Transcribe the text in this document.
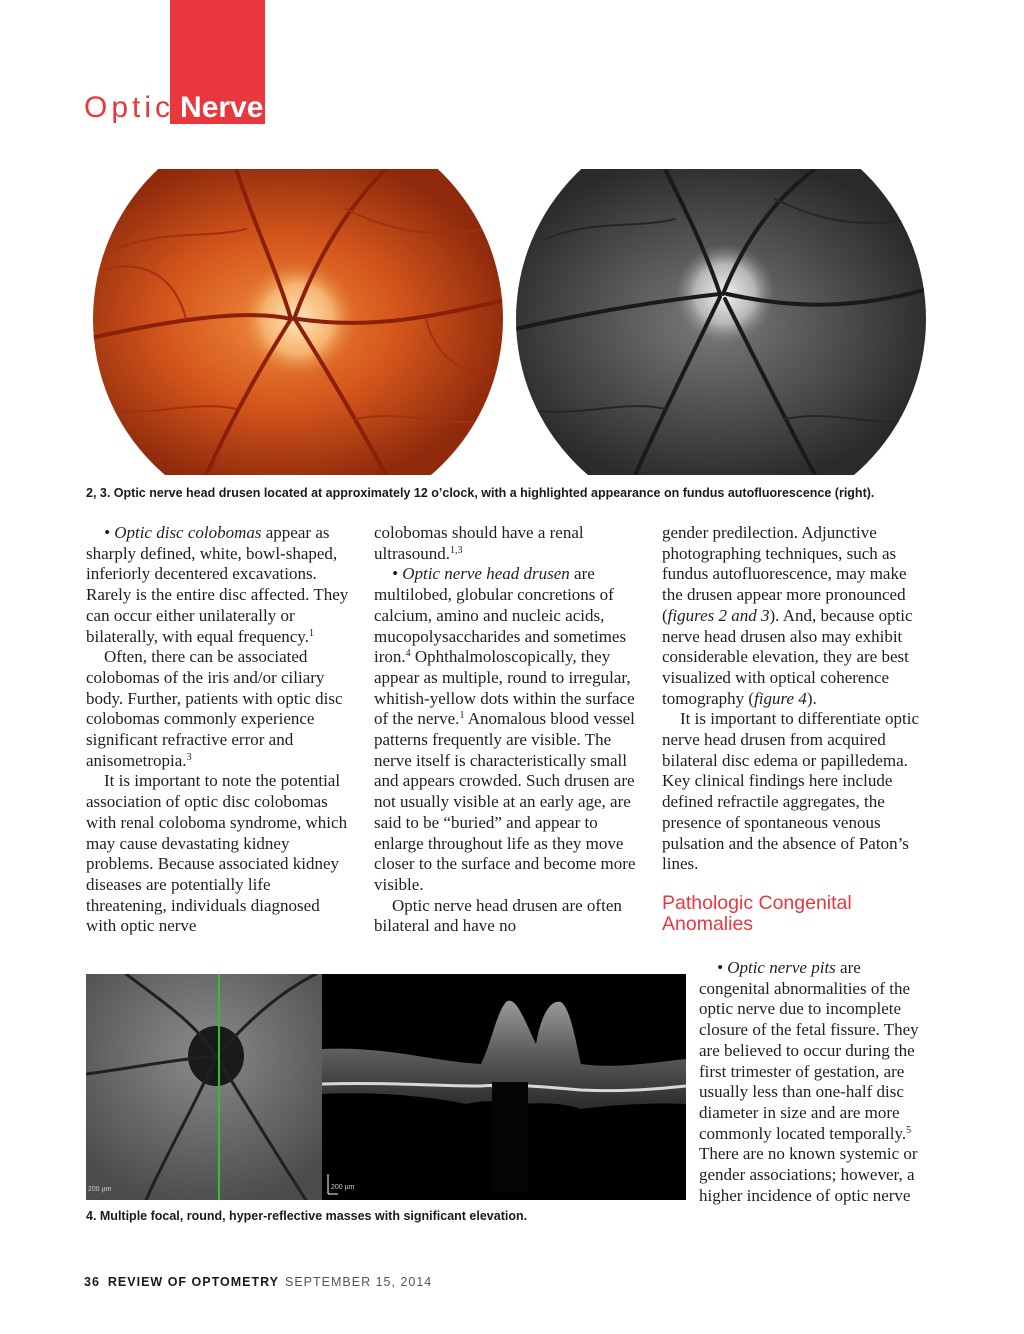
Optic Nerve
2, 3. Optic nerve head drusen located at approximately 12 o’clock, with a highlighted appearance on fundus autofluorescence (right).

• Optic disc colobomas appear as sharply defined, white, bowl-shaped, inferiorly decentered excavations. Rarely is the entire disc affected. They can occur either unilaterally or bilaterally, with equal frequency.$^1$

Often, there can be associated colobomas of the iris and/or ciliary body. Further, patients with optic disc colobomas commonly experience significant refractive error and anisometropia.$^3$

It is important to note the potential association of optic disc colobomas with renal coloboma syndrome, which may cause devastating kidney problems. Because associated kidney diseases are potentially life threatening, individuals diagnosed with optic nerve

colobomas should have a renal ultrasound.$^{1,3}$

• Optic nerve head drusen are multilobed, globular concretions of calcium, amino and nucleic acids, mucopolysaccharides and sometimes iron.$^4$ Ophthalmoloscopically, they appear as multiple, round to irregular, whitish-yellow dots within the surface of the nerve.$^1$ Anomalous blood vessel patterns frequently are visible. The nerve itself is characteristically small and appears crowded. Such drusen are not usually visible at an early age, are said to be “buried” and appear to enlarge throughout life as they move closer to the surface and become more visible.

Optic nerve head drusen are often bilateral and have no

gender predilection. Adjunctive photographing techniques, such as fundus autofluorescence, may make the drusen appear more pronounced (figures 2 and 3). And, because optic nerve head drusen also may exhibit considerable elevation, they are best visualized with optical coherence tomography (figure 4).

It is important to differentiate optic nerve head drusen from acquired bilateral disc edema or papilledema. Key clinical findings here include defined refractile aggregates, the presence of spontaneous venous pulsation and the absence of Paton’s lines.

Pathologic Congenital Anomalies

• Optic nerve pits are congenital abnormalities of the optic nerve due to incomplete closure of the fetal fissure. They are believed to occur during the first trimester of gestation, are usually less than one-half disc diameter in size and are more commonly located temporally.$^5$ There are no known systemic or gender associations; however, a higher incidence of optic nerve

200 µm	200 µm
4. Multiple focal, round, hyper-reflective masses with significant elevation.
36 REVIEW OF OPTOMETRY SEPTEMBER 15, 2014
